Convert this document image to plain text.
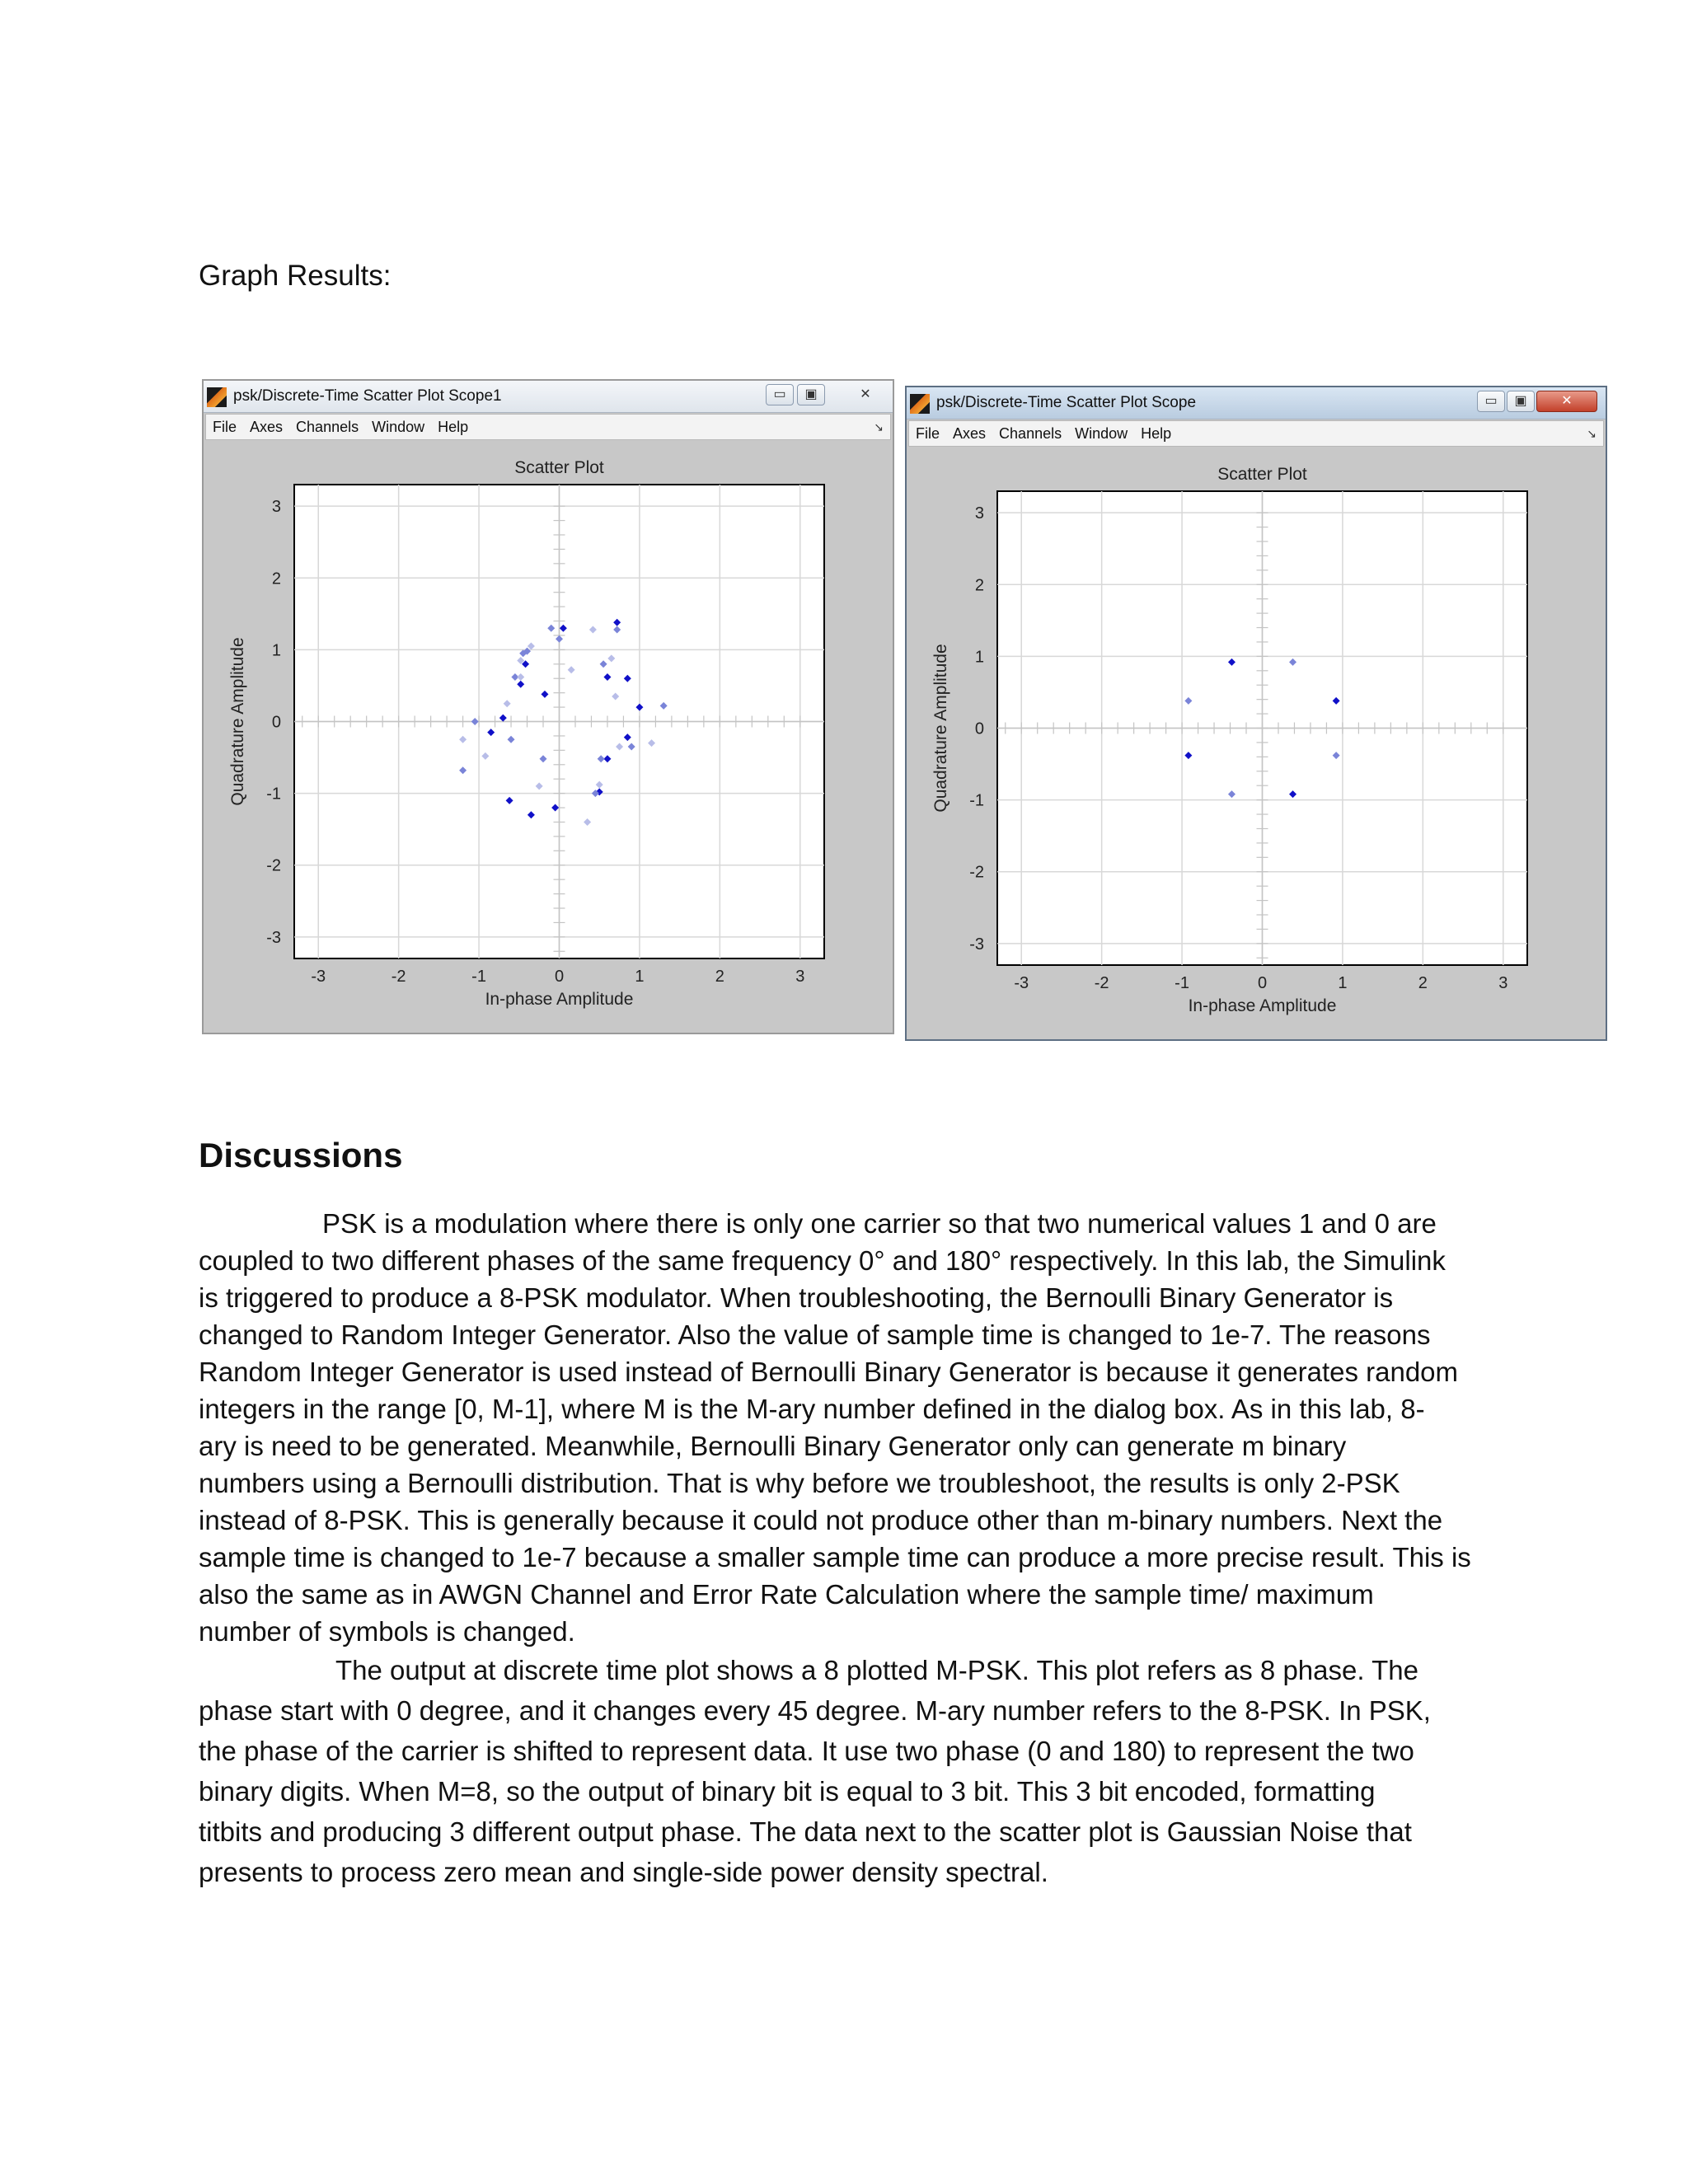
Graph Results:
psk/Discrete-Time Scatter Plot Scope1	▭	▣	✕
File Axes Channels Window Help	↘
Scatter Plot
-3
-3
-2
-2
-1
-1
0
0
1
1
2
2
3
3
In-phase Amplitude
Quadrature Amplitude
psk/Discrete-Time Scatter Plot Scope	▭	▣	✕
File Axes Channels Window Help	↘
Scatter Plot
-3
-3
-2
-2
-1
-1
0
0
1
1
2
2
3
3
In-phase Amplitude
Quadrature Amplitude
Discussions
PSK is a modulation where there is only one carrier so that two numerical values 1 and 0 are
coupled to two different phases of the same frequency 0° and 180° respectively. In this lab, the Simulink
is triggered to produce a 8-PSK modulator. When troubleshooting, the Bernoulli Binary Generator is
changed to Random Integer Generator. Also the value of sample time is changed to 1e-7. The reasons
Random Integer Generator is used instead of Bernoulli Binary Generator is because it generates random
integers in the range [0, M-1], where M is the M-ary number defined in the dialog box. As in this lab, 8-
ary is need to be generated. Meanwhile, Bernoulli Binary Generator only can generate m binary
numbers using a Bernoulli distribution. That is why before we troubleshoot, the results is only 2-PSK
instead of 8-PSK. This is generally because it could not produce other than m-binary numbers. Next the
sample time is changed to 1e-7 because a smaller sample time can produce a more precise result. This is
also the same as in AWGN Channel and Error Rate Calculation where the sample time/ maximum
number of symbols is changed.
The output at discrete time plot shows a 8 plotted M-PSK. This plot refers as 8 phase. The
phase start with 0 degree, and it changes every 45 degree. M-ary number refers to the 8-PSK. In PSK,
the phase of the carrier is shifted to represent data. It use two phase (0 and 180) to represent the two
binary digits. When M=8, so the output of binary bit is equal to 3 bit. This 3 bit encoded, formatting
titbits and producing 3 different output phase. The data next to the scatter plot is Gaussian Noise that
presents to process zero mean and single-side power density spectral.
